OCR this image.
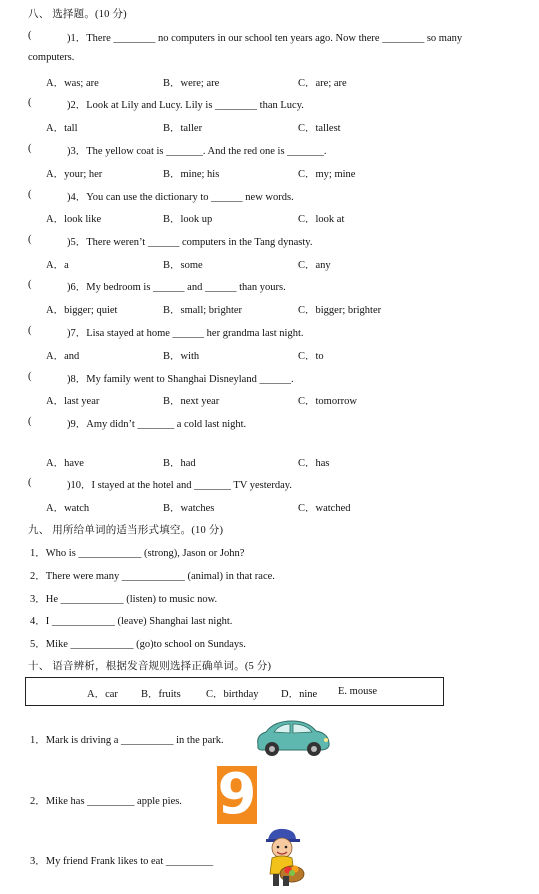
八、 选择题。(10 分)
(	)1．There ________ no computers in our school ten years ago. Now there ________ so many
computers.
A．was; are	B．were; are	C．are; are
(	)2．Look at Lily and Lucy. Lily is ________ than Lucy.
A．tall	B．taller	C．tallest
(	)3．The yellow coat is _______. And the red one is _______.
A．your; her	B．mine; his	C．my; mine
(	)4．You can use the dictionary to ______ new words.
A．look like	B．look up	C．look at
(	)5．There weren’t ______ computers in the Tang dynasty.
A．a	B．some	C．any
(	)6．My bedroom is ______ and ______ than yours.
A．bigger; quiet	B．small; brighter	C．bigger; brighter
(	)7．Lisa stayed at home ______ her grandma last night.
A．and	B．with	C．to
(	)8．My family went to Shanghai Disneyland ______.
A．last year	B．next year	C．tomorrow
(	)9．Amy didn’t _______ a cold last night.
A．have	B．had	C．has
(	)10．I stayed at the hotel and _______ TV yesterday.
A．watch	B．watches	C．watched
九、 用所给单词的适当形式填空。(10 分)
1．Who is ____________ (strong), Jason or John?
2．There were many ____________ (animal) in that race.
3．He ____________ (listen) to music now.
4．I ____________ (leave) Shanghai last night.
5．Mike ____________ (go)to school on Sundays.
十、 语音辨析，根据发音规则选择正确单词。(5 分)
A．car B．fruits C．birthday D．nine E. mouse
1．Mark is driving a __________ in the park.
2．Mike has _________ apple pies.
3．My friend Frank likes to eat _________
9
